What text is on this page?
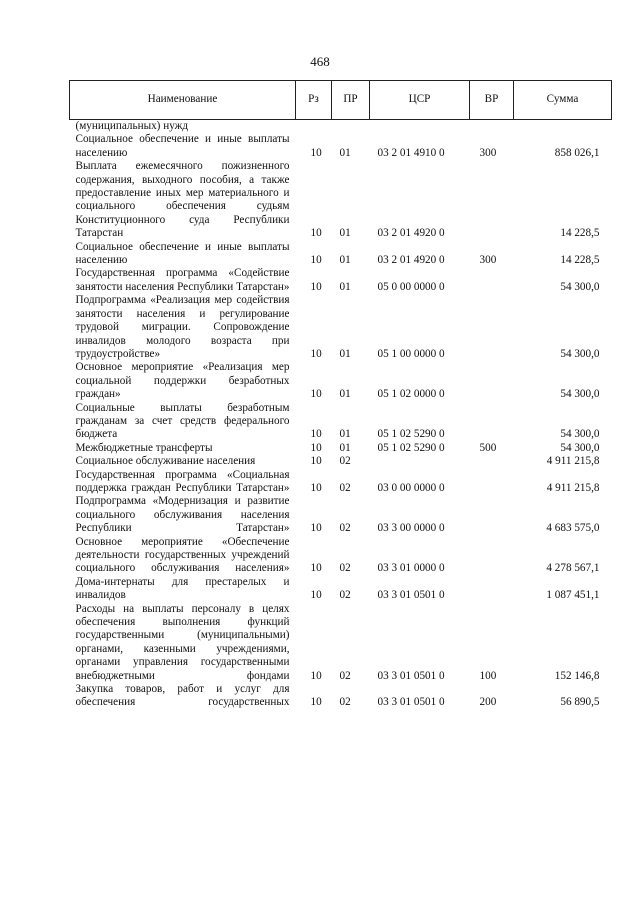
468
Наименование	Рз	ПР	ЦСР	ВР	Сумма
(муниципальных) нужд					
Социальное обеспечение и иные выплаты населению	10	01	03 2 01 4910 0	300	858 026,1
Выплата ежемесячного пожизненного содержания, выходного пособия, а также предоставление иных мер материального и социального обеспечения судьям Конституционного суда Республики Татарстан	10	01	03 2 01 4920 0		14 228,5
Социальное обеспечение и иные выплаты населению	10	01	03 2 01 4920 0	300	14 228,5
Государственная программа «Содействие занятости населения Республики Татарстан»	10	01	05 0 00 0000 0		54 300,0
Подпрограмма «Реализация мер содействия занятости населения и регулирование трудовой миграции. Сопровождение инвалидов молодого возраста при трудоустройстве»	10	01	05 1 00 0000 0		54 300,0
Основное мероприятие «Реализация мер социальной поддержки безработных граждан»	10	01	05 1 02 0000 0		54 300,0
Социальные выплаты безработным гражданам за счет средств федерального бюджета	10	01	05 1 02 5290 0		54 300,0
Межбюджетные трансферты	10	01	05 1 02 5290 0	500	54 300,0
Социальное обслуживание населения	10	02			4 911 215,8
Государственная программа «Социальная поддержка граждан Республики Татарстан»	10	02	03 0 00 0000 0		4 911 215,8
Подпрограмма «Модернизация и развитие социального обслуживания населения Республики Татарстан»	10	02	03 3 00 0000 0		4 683 575,0
Основное мероприятие «Обеспечение деятельности государственных учреждений социального обслуживания населения»	10	02	03 3 01 0000 0		4 278 567,1
Дома-интернаты для престарелых и инвалидов	10	02	03 3 01 0501 0		1 087 451,1
Расходы на выплаты персоналу в целях обеспечения выполнения функций государственными (муниципальными) органами, казенными учреждениями, органами управления государственными внебюджетными фондами	10	02	03 3 01 0501 0	100	152 146,8
Закупка товаров, работ и услуг для обеспечения государственных	10	02	03 3 01 0501 0	200	56 890,5
